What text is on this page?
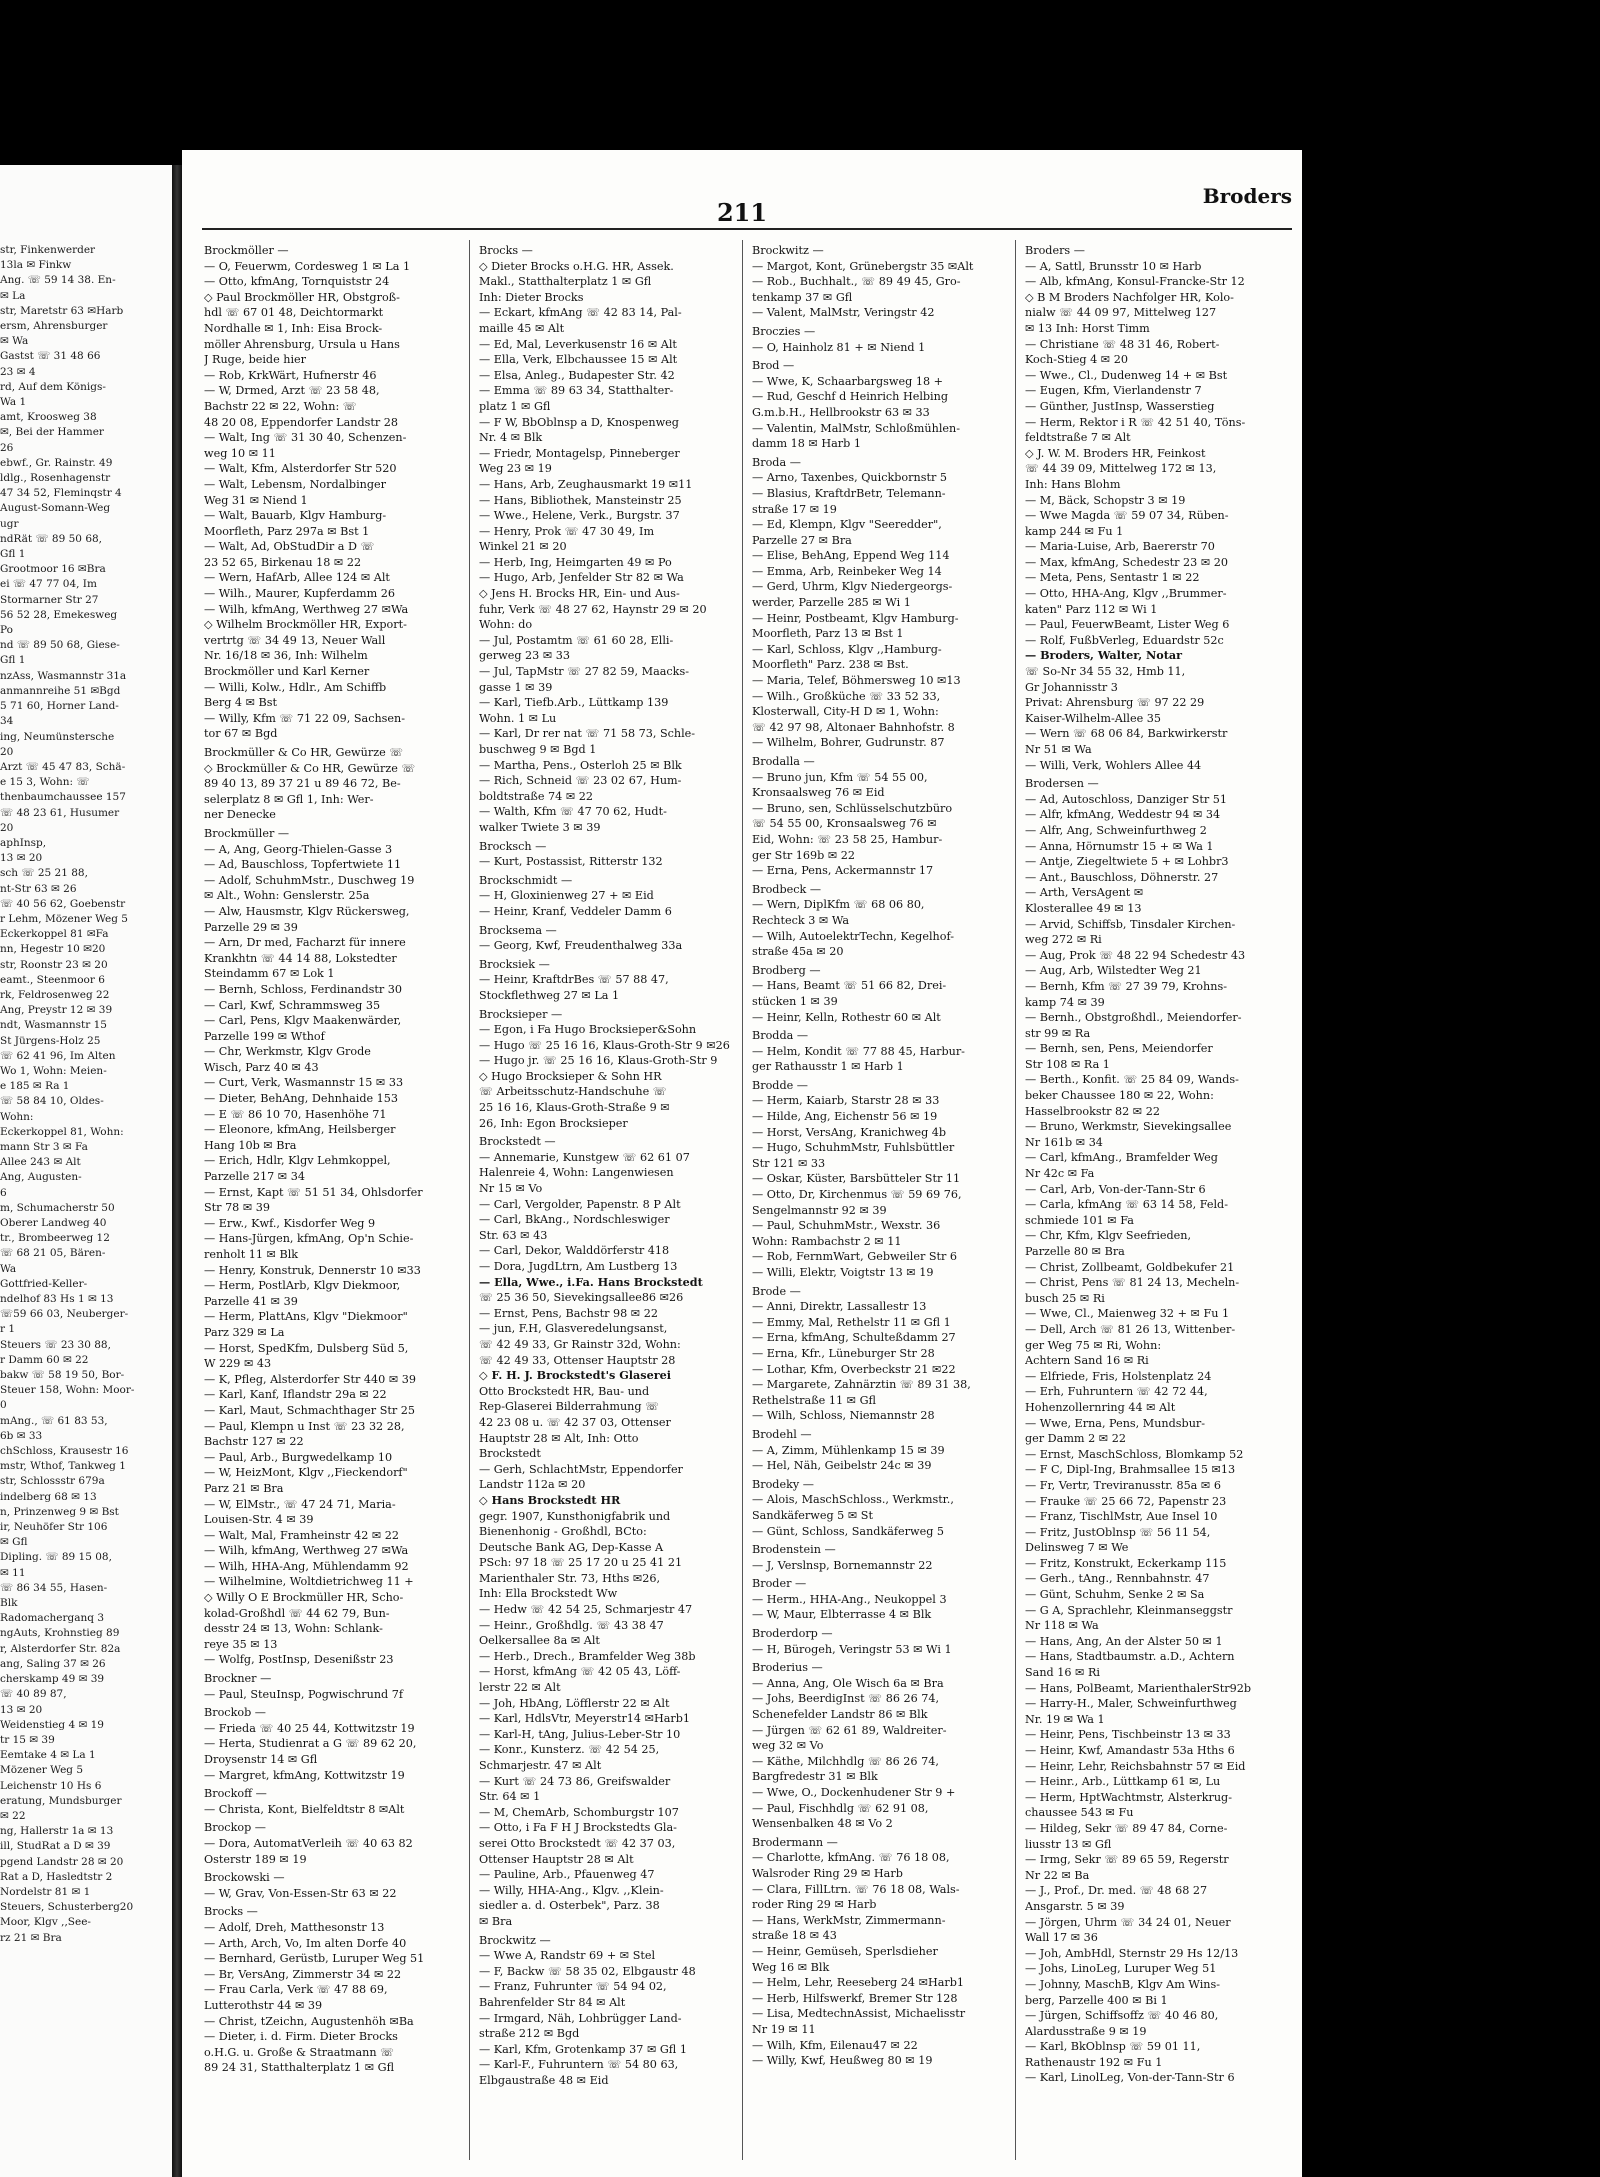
str, Finkenwerder
13la ✉ Finkw
Ang. ☏ 59 14 38. En-
✉ La
str, Maretstr 63 ✉Harb
ersm, Ahrensburger
✉ Wa
Gastst ☏ 31 48 66
23 ✉ 4
rd, Auf dem Königs-
Wa 1
amt, Kroosweg 38
✉, Bei der Hammer
26
ebwf., Gr. Rainstr. 49
ldlg., Rosenhagenstr
47 34 52, Fleminqstr 4
August-Somann-Weg
ugr
ndRät ☏ 89 50 68,
Gfl 1
Grootmoor 16 ✉Bra
ei ☏ 47 77 04, Im
Stormarner Str 27
56 52 28, Emekesweg
Po
nd ☏ 89 50 68, Giese-
Gfl 1
nzAss, Wasmannstr 31a
anmannreihe 51 ✉Bgd
5 71 60, Horner Land-
34
ing, Neumünstersche
20
Arzt ☏ 45 47 83, Schä-
e 15 3, Wohn: ☏
thenbaumchaussee 157
☏ 48 23 61, Husumer
20
aphInsp,
13 ✉ 20
sch ☏ 25 21 88,
nt-Str 63 ✉ 26
☏ 40 56 62, Goebenstr
r Lehm, Mözener Weg 5
Eckerkoppel 81 ✉Fa
nn, Hegestr 10 ✉20
str, Roonstr 23 ✉ 20
eamt., Steenmoor 6
rk, Feldrosenweg 22
Ang, Preystr 12 ✉ 39
ndt, Wasmannstr 15
St Jürgens-Holz 25
☏ 62 41 96, Im Alten
Wo 1, Wohn: Meien-
e 185 ✉ Ra 1
☏ 58 84 10, Oldes-
Wohn:
Eckerkoppel 81, Wohn:
mann Str 3 ✉ Fa
Allee 243 ✉ Alt
Ang, Augusten-
6
m, Schumacherstr 50
Oberer Landweg 40
tr., Brombeerweg 12
☏ 68 21 05, Bären-
Wa
Gottfried-Keller-
ndelhof 83 Hs 1 ✉ 13
☏59 66 03, Neuberger-
r 1
Steuers ☏ 23 30 88,
r Damm 60 ✉ 22
bakw ☏ 58 19 50, Bor-
Steuer 158, Wohn: Moor-
0
mAng., ☏ 61 83 53,
6b ✉ 33
chSchloss, Krausestr 16
mstr, Wthof, Tankweg 1
str, Schlossstr 679a
indelberg 68 ✉ 13
n, Prinzenweg 9 ✉ Bst
ir, Neuhöfer Str 106
✉ Gfl
Dipling. ☏ 89 15 08,
✉ 11
☏ 86 34 55, Hasen-
Blk
Radomacherganq 3
ngAuts, Krohnstieg 89
r, Alsterdorfer Str. 82a
ang, Saling 37 ✉ 26
cherskamp 49 ✉ 39
☏ 40 89 87,
13 ✉ 20
Weidenstieg 4 ✉ 19
tr 15 ✉ 39
Eemtake 4 ✉ La 1
Mözener Weg 5
Leichenstr 10 Hs 6
eratung, Mundsburger
✉ 22
ng, Hallerstr 1a ✉ 13
ill, StudRat a D ✉ 39
pgend Landstr 28 ✉ 20
Rat a D, Hasledtstr 2
Nordelstr 81 ✉ 1
Steuers, Schusterberg20
Moor, Klgv ,,See-
rz 21 ✉ Bra
211
Broders
Brockmöller —
— O, Feuerwm, Cordesweg 1 ✉ La 1
— Otto, kfmAng, Tornquiststr 24
◇ Paul Brockmöller HR, Obstgroß-
hdl ☏ 67 01 48, Deichtormarkt
Nordhalle ✉ 1, Inh: Eisa Brock-
möller Ahrensburg, Ursula u Hans
J Ruge, beide hier
— Rob, KrkWärt, Hufnerstr 46
— W, Drmed, Arzt ☏ 23 58 48,
Bachstr 22 ✉ 22, Wohn: ☏
48 20 08, Eppendorfer Landstr 28
— Walt, Ing ☏ 31 30 40, Schenzen-
weg 10 ✉ 11
— Walt, Kfm, Alsterdorfer Str 520
— Walt, Lebensm, Nordalbinger
Weg 31 ✉ Niend 1
— Walt, Bauarb, Klgv Hamburg-
Moorfleth, Parz 297a ✉ Bst 1
— Walt, Ad, ObStudDir a D ☏
23 52 65, Birkenau 18 ✉ 22
— Wern, HafArb, Allee 124 ✉ Alt
— Wilh., Maurer, Kupferdamm 26
— Wilh, kfmAng, Werthweg 27 ✉Wa
◇ Wilhelm Brockmöller HR, Export-
vertrtg ☏ 34 49 13, Neuer Wall
Nr. 16/18 ✉ 36, Inh: Wilhelm
Brockmöller und Karl Kerner
— Willi, Kolw., Hdlr., Am Schiffb
Berg 4 ✉ Bst
— Willy, Kfm ☏ 71 22 09, Sachsen-
tor 67 ✉ Bgd
Brockmüller & Co HR, Gewürze ☏
◇ Brockmüller & Co HR, Gewürze ☏
89 40 13, 89 37 21 u 89 46 72, Be-
selerplatz 8 ✉ Gfl 1, Inh: Wer-
ner Denecke
Brockmüller —
— A, Ang, Georg-Thielen-Gasse 3
— Ad, Bauschloss, Topfertwiete 11
— Adolf, SchuhmMstr., Duschweg 19
✉ Alt., Wohn: Genslerstr. 25a
— Alw, Hausmstr, Klgv Rückersweg,
Parzelle 29 ✉ 39
— Arn, Dr med, Facharzt für innere
Krankhtn ☏ 44 14 88, Lokstedter
Steindamm 67 ✉ Lok 1
— Bernh, Schloss, Ferdinandstr 30
— Carl, Kwf, Schrammsweg 35
— Carl, Pens, Klgv Maakenwärder,
Parzelle 199 ✉ Wthof
— Chr, Werkmstr, Klgv Grode
Wisch, Parz 40 ✉ 43
— Curt, Verk, Wasmannstr 15 ✉ 33
— Dieter, BehAng, Dehnhaide 153
— E ☏ 86 10 70, Hasenhöhe 71
— Eleonore, kfmAng, Heilsberger
Hang 10b ✉ Bra
— Erich, Hdlr, Klgv Lehmkoppel,
Parzelle 217 ✉ 34
— Ernst, Kapt ☏ 51 51 34, Ohlsdorfer
Str 78 ✉ 39
— Erw., Kwf., Kisdorfer Weg 9
— Hans-Jürgen, kfmAng, Op'n Schie-
renholt 11 ✉ Blk
— Henry, Konstruk, Dennerstr 10 ✉33
— Herm, PostlArb, Klgv Diekmoor,
Parzelle 41 ✉ 39
— Herm, PlattAns, Klgv "Diekmoor"
Parz 329 ✉ La
— Horst, SpedKfm, Dulsberg Süd 5,
W 229 ✉ 43
— K, Pfleg, Alsterdorfer Str 440 ✉ 39
— Karl, Kanf, Iflandstr 29a ✉ 22
— Karl, Maut, Schmachthager Str 25
— Paul, Klempn u Inst ☏ 23 32 28,
Bachstr 127 ✉ 22
— Paul, Arb., Burgwedelkamp 10
— W, HeizMont, Klgv ,,Fieckendorf"
Parz 21 ✉ Bra
— W, ElMstr., ☏ 47 24 71, Maria-
Louisen-Str. 4 ✉ 39
— Walt, Mal, Framheinstr 42 ✉ 22
— Wilh, kfmAng, Werthweg 27 ✉Wa
— Wilh, HHA-Ang, Mühlendamm 92
— Wilhelmine, Woltdietrichweg 11 +
◇ Willy O E Brockmüller HR, Scho-
kolad-Großhdl ☏ 44 62 79, Bun-
desstr 24 ✉ 13, Wohn: Schlank-
reye 35 ✉ 13
— Wolfg, PostInsp, Desenißstr 23
Brockner —
— Paul, SteuInsp, Pogwischrund 7f
Brockob —
— Frieda ☏ 40 25 44, Kottwitzstr 19
— Herta, Studienrat a G ☏ 89 62 20,
Droysenstr 14 ✉ Gfl
— Margret, kfmAng, Kottwitzstr 19
Brockoff —
— Christa, Kont, Bielfeldtstr 8 ✉Alt
Brockop —
— Dora, AutomatVerleih ☏ 40 63 82
Osterstr 189 ✉ 19
Brockowski —
— W, Grav, Von-Essen-Str 63 ✉ 22
Brocks —
— Adolf, Dreh, Matthesonstr 13
— Arth, Arch, Vo, Im alten Dorfe 40
— Bernhard, Gerüstb, Luruper Weg 51
— Br, VersAng, Zimmerstr 34 ✉ 22
— Frau Carla, Verk ☏ 47 88 69,
Lutterothstr 44 ✉ 39
— Christ, tZeichn, Augustenhöh ✉Ba
— Dieter, i. d. Firm. Dieter Brocks
o.H.G. u. Große & Straatmann ☏
89 24 31, Statthalterplatz 1 ✉ Gfl
Brocks —
◇ Dieter Brocks o.H.G. HR, Assek.
Makl., Statthalterplatz 1 ✉ Gfl
Inh: Dieter Brocks
— Eckart, kfmAng ☏ 42 83 14, Pal-
maille 45 ✉ Alt
— Ed, Mal, Leverkusenstr 16 ✉ Alt
— Ella, Verk, Elbchaussee 15 ✉ Alt
— Elsa, Anleg., Budapester Str. 42
— Emma ☏ 89 63 34, Statthalter-
platz 1 ✉ Gfl
— F W, BbOblnsp a D, Knospenweg
Nr. 4 ✉ Blk
— Friedr, Montagelsp, Pinneberger
Weg 23 ✉ 19
— Hans, Arb, Zeughausmarkt 19 ✉11
— Hans, Bibliothek, Mansteinstr 25
— Wwe., Helene, Verk., Burgstr. 37
— Henry, Prok ☏ 47 30 49, Im
Winkel 21 ✉ 20
— Herb, Ing, Heimgarten 49 ✉ Po
— Hugo, Arb, Jenfelder Str 82 ✉ Wa
◇ Jens H. Brocks HR, Ein- und Aus-
fuhr, Verk ☏ 48 27 62, Haynstr 29 ✉ 20
Wohn: do
— Jul, Postamtm ☏ 61 60 28, Elli-
gerweg 23 ✉ 33
— Jul, TapMstr ☏ 27 82 59, Maacks-
gasse 1 ✉ 39
— Karl, Tiefb.Arb., Lüttkamp 139
Wohn. 1 ✉ Lu
— Karl, Dr rer nat ☏ 71 58 73, Schle-
buschweg 9 ✉ Bgd 1
— Martha, Pens., Osterloh 25 ✉ Blk
— Rich, Schneid ☏ 23 02 67, Hum-
boldtstraße 74 ✉ 22
— Walth, Kfm ☏ 47 70 62, Hudt-
walker Twiete 3 ✉ 39
Brocksch —
— Kurt, Postassist, Ritterstr 132
Brockschmidt —
— H, Gloxinienweg 27 + ✉ Eid
— Heinr, Kranf, Veddeler Damm 6
Brocksema —
— Georg, Kwf, Freudenthalweg 33a
Brocksiek —
— Heinr, KraftdrBes ☏ 57 88 47,
Stockflethweg 27 ✉ La 1
Brocksieper —
— Egon, i Fa Hugo Brocksieper&Sohn
— Hugo ☏ 25 16 16, Klaus-Groth-Str 9 ✉26
— Hugo jr. ☏ 25 16 16, Klaus-Groth-Str 9
◇ Hugo Brocksieper & Sohn HR
☏ Arbeitsschutz-Handschuhe ☏
25 16 16, Klaus-Groth-Straße 9 ✉
26, Inh: Egon Brocksieper
Brockstedt —
— Annemarie, Kunstgew ☏ 62 61 07
Halenreie 4, Wohn: Langenwiesen
Nr 15 ✉ Vo
— Carl, Vergolder, Papenstr. 8 P Alt
— Carl, BkAng., Nordschleswiger
Str. 63 ✉ 43
— Carl, Dekor, Walddörferstr 418
— Dora, JugdLtrn, Am Lustberg 13
— Ella, Wwe., i.Fa. Hans Brockstedt
☏ 25 36 50, Sievekingsallee86 ✉26
— Ernst, Pens, Bachstr 98 ✉ 22
— jun, F.H, Glasveredelungsanst,
☏ 42 49 33, Gr Rainstr 32d, Wohn:
☏ 42 49 33, Ottenser Hauptstr 28
◇ F. H. J. Brockstedt's Glaserei
Otto Brockstedt HR, Bau- und
Rep-Glaserei Bilderrahmung ☏
42 23 08 u. ☏ 42 37 03, Ottenser
Hauptstr 28 ✉ Alt, Inh: Otto
Brockstedt
— Gerh, SchlachtMstr, Eppendorfer
Landstr 112a ✉ 20
◇ Hans Brockstedt HR
gegr. 1907, Kunsthonigfabrik und
Bienenhonig - Großhdl, BCto:
Deutsche Bank AG, Dep-Kasse A
PSch: 97 18 ☏ 25 17 20 u 25 41 21
Marienthaler Str. 73, Hths ✉26,
Inh: Ella Brockstedt Ww
— Hedw ☏ 42 54 25, Schmarjestr 47
— Heinr., Großhdlg. ☏ 43 38 47
Oelkersallee 8a ✉ Alt
— Herb., Drech., Bramfelder Weg 38b
— Horst, kfmAng ☏ 42 05 43, Löff-
lerstr 22 ✉ Alt
— Joh, HbAng, Löfflerstr 22 ✉ Alt
— Karl, HdlsVtr, Meyerstr14 ✉Harb1
— Karl-H, tAng, Julius-Leber-Str 10
— Konr., Kunsterz. ☏ 42 54 25,
Schmarjestr. 47 ✉ Alt
— Kurt ☏ 24 73 86, Greifswalder
Str. 64 ✉ 1
— M, ChemArb, Schomburgstr 107
— Otto, i Fa F H J Brockstedts Gla-
serei Otto Brockstedt ☏ 42 37 03,
Ottenser Hauptstr 28 ✉ Alt
— Pauline, Arb., Pfauenweg 47
— Willy, HHA-Ang., Klgv. ,,Klein-
siedler a. d. Osterbek", Parz. 38
✉ Bra
Brockwitz —
— Wwe A, Randstr 69 + ✉ Stel
— F, Backw ☏ 58 35 02, Elbgaustr 48
— Franz, Fuhrunter ☏ 54 94 02,
Bahrenfelder Str 84 ✉ Alt
— Irmgard, Näh, Lohbrügger Land-
straße 212 ✉ Bgd
— Karl, Kfm, Grotenkamp 37 ✉ Gfl 1
— Karl-F., Fuhruntern ☏ 54 80 63,
Elbgaustraße 48 ✉ Eid
Brockwitz —
— Margot, Kont, Grünebergstr 35 ✉Alt
— Rob., Buchhalt., ☏ 89 49 45, Gro-
tenkamp 37 ✉ Gfl
— Valent, MalMstr, Veringstr 42
Broczies —
— O, Hainholz 81 + ✉ Niend 1
Brod —
— Wwe, K, Schaarbargsweg 18 +
— Rud, Geschf d Heinrich Helbing
G.m.b.H., Hellbrookstr 63 ✉ 33
— Valentin, MalMstr, Schloßmühlen-
damm 18 ✉ Harb 1
Broda —
— Arno, Taxenbes, Quickbornstr 5
— Blasius, KraftdrBetr, Telemann-
straße 17 ✉ 19
— Ed, Klempn, Klgv "Seeredder",
Parzelle 27 ✉ Bra
— Elise, BehAng, Eppend Weg 114
— Emma, Arb, Reinbeker Weg 14
— Gerd, Uhrm, Klgv Niedergeorgs-
werder, Parzelle 285 ✉ Wi 1
— Heinr, Postbeamt, Klgv Hamburg-
Moorfleth, Parz 13 ✉ Bst 1
— Karl, Schloss, Klgv ,,Hamburg-
Moorfleth" Parz. 238 ✉ Bst.
— Maria, Telef, Böhmersweg 10 ✉13
— Wilh., Großküche ☏ 33 52 33,
Klosterwall, City-H D ✉ 1, Wohn:
☏ 42 97 98, Altonaer Bahnhofstr. 8
— Wilhelm, Bohrer, Gudrunstr. 87
Brodalla —
— Bruno jun, Kfm ☏ 54 55 00,
Kronsaalsweg 76 ✉ Eid
— Bruno, sen, Schlüsselschutzbüro
☏ 54 55 00, Kronsaalsweg 76 ✉
Eid, Wohn: ☏ 23 58 25, Hambur-
ger Str 169b ✉ 22
— Erna, Pens, Ackermannstr 17
Brodbeck —
— Wern, DiplKfm ☏ 68 06 80,
Rechteck 3 ✉ Wa
— Wilh, AutoelektrTechn, Kegelhof-
straße 45a ✉ 20
Brodberg —
— Hans, Beamt ☏ 51 66 82, Drei-
stücken 1 ✉ 39
— Heinr, Kelln, Rothestr 60 ✉ Alt
Brodda —
— Helm, Kondit ☏ 77 88 45, Harbur-
ger Rathausstr 1 ✉ Harb 1
Brodde —
— Herm, Kaiarb, Starstr 28 ✉ 33
— Hilde, Ang, Eichenstr 56 ✉ 19
— Horst, VersAng, Kranichweg 4b
— Hugo, SchuhmMstr, Fuhlsbüttler
Str 121 ✉ 33
— Oskar, Küster, Barsbütteler Str 11
— Otto, Dr, Kirchenmus ☏ 59 69 76,
Sengelmannstr 92 ✉ 39
— Paul, SchuhmMstr., Wexstr. 36
Wohn: Rambachstr 2 ✉ 11
— Rob, FernmWart, Gebweiler Str 6
— Willi, Elektr, Voigtstr 13 ✉ 19
Brode —
— Anni, Direktr, Lassallestr 13
— Emmy, Mal, Rethelstr 11 ✉ Gfl 1
— Erna, kfmAng, Schulteßdamm 27
— Erna, Kfr., Lüneburger Str 28
— Lothar, Kfm, Overbeckstr 21 ✉22
— Margarete, Zahnärztin ☏ 89 31 38,
Rethelstraße 11 ✉ Gfl
— Wilh, Schloss, Niemannstr 28
Brodehl —
— A, Zimm, Mühlenkamp 15 ✉ 39
— Hel, Näh, Geibelstr 24c ✉ 39
Brodeky —
— Alois, MaschSchloss., Werkmstr.,
Sandkäferweg 5 ✉ St
— Günt, Schloss, Sandkäferweg 5
Brodenstein —
— J, Verslnsp, Bornemannstr 22
Broder —
— Herm., HHA-Ang., Neukoppel 3
— W, Maur, Elbterrasse 4 ✉ Blk
Broderdorp —
— H, Bürogeh, Veringstr 53 ✉ Wi 1
Broderius —
— Anna, Ang, Ole Wisch 6a ✉ Bra
— Johs, BeerdigInst ☏ 86 26 74,
Schenefelder Landstr 86 ✉ Blk
— Jürgen ☏ 62 61 89, Waldreiter-
weg 32 ✉ Vo
— Käthe, Milchhdlg ☏ 86 26 74,
Bargfredestr 31 ✉ Blk
— Wwe, O., Dockenhudener Str 9 +
— Paul, Fischhdlg ☏ 62 91 08,
Wensenbalken 48 ✉ Vo 2
Brodermann —
— Charlotte, kfmAng. ☏ 76 18 08,
Walsroder Ring 29 ✉ Harb
— Clara, FillLtrn. ☏ 76 18 08, Wals-
roder Ring 29 ✉ Harb
— Hans, WerkMstr, Zimmermann-
straße 18 ✉ 43
— Heinr, Gemüseh, Sperlsdieher
Weg 16 ✉ Blk
— Helm, Lehr, Reeseberg 24 ✉Harb1
— Herb, Hilfswerkf, Bremer Str 128
— Lisa, MedtechnAssist, Michaelisstr
Nr 19 ✉ 11
— Wilh, Kfm, Eilenau47 ✉ 22
— Willy, Kwf, Heußweg 80 ✉ 19
Broders —
— A, Sattl, Brunsstr 10 ✉ Harb
— Alb, kfmAng, Konsul-Francke-Str 12
◇ B M Broders Nachfolger HR, Kolo-
nialw ☏ 44 09 97, Mittelweg 127
✉ 13 Inh: Horst Timm
— Christiane ☏ 48 31 46, Robert-
Koch-Stieg 4 ✉ 20
— Wwe., Cl., Dudenweg 14 + ✉ Bst
— Eugen, Kfm, Vierlandenstr 7
— Günther, JustInsp, Wasserstieg
— Herm, Rektor i R ☏ 42 51 40, Töns-
feldtstraße 7 ✉ Alt
◇ J. W. M. Broders HR, Feinkost
☏ 44 39 09, Mittelweg 172 ✉ 13,
Inh: Hans Blohm
— M, Bäck, Schopstr 3 ✉ 19
— Wwe Magda ☏ 59 07 34, Rüben-
kamp 244 ✉ Fu 1
— Maria-Luise, Arb, Baererstr 70
— Max, kfmAng, Schedestr 23 ✉ 20
— Meta, Pens, Sentastr 1 ✉ 22
— Otto, HHA-Ang, Klgv ,,Brummer-
katen" Parz 112 ✉ Wi 1
— Paul, FeuerwBeamt, Lister Weg 6
— Rolf, FußbVerleg, Eduardstr 52c
— Broders, Walter, Notar
☏ So-Nr 34 55 32, Hmb 11,
Gr Johannisstr 3
Privat: Ahrensburg ☏ 97 22 29
Kaiser-Wilhelm-Allee 35
— Wern ☏ 68 06 84, Barkwirkerstr
Nr 51 ✉ Wa
— Willi, Verk, Wohlers Allee 44
Brodersen —
— Ad, Autoschloss, Danziger Str 51
— Alfr, kfmAng, Weddestr 94 ✉ 34
— Alfr, Ang, Schweinfurthweg 2
— Anna, Hörnumstr 15 + ✉ Wa 1
— Antje, Ziegeltwiete 5 + ✉ Lohbr3
— Ant., Bauschloss, Döhnerstr. 27
— Arth, VersAgent ✉
Klosterallee 49 ✉ 13
— Arvid, Schiffsb, Tinsdaler Kirchen-
weg 272 ✉ Ri
— Aug, Prok ☏ 48 22 94 Schedestr 43
— Aug, Arb, Wilstedter Weg 21
— Bernh, Kfm ☏ 27 39 79, Krohns-
kamp 74 ✉ 39
— Bernh., Obstgroßhdl., Meiendorfer-
str 99 ✉ Ra
— Bernh, sen, Pens, Meiendorfer
Str 108 ✉ Ra 1
— Berth., Konfit. ☏ 25 84 09, Wands-
beker Chaussee 180 ✉ 22, Wohn:
Hasselbrookstr 82 ✉ 22
— Bruno, Werkmstr, Sievekingsallee
Nr 161b ✉ 34
— Carl, kfmAng., Bramfelder Weg
Nr 42c ✉ Fa
— Carl, Arb, Von-der-Tann-Str 6
— Carla, kfmAng ☏ 63 14 58, Feld-
schmiede 101 ✉ Fa
— Chr, Kfm, Klgv Seefrieden,
Parzelle 80 ✉ Bra
— Christ, Zollbeamt, Goldbekufer 21
— Christ, Pens ☏ 81 24 13, Mecheln-
busch 25 ✉ Ri
— Wwe, Cl., Maienweg 32 + ✉ Fu 1
— Dell, Arch ☏ 81 26 13, Wittenber-
ger Weg 75 ✉ Ri, Wohn:
Achtern Sand 16 ✉ Ri
— Elfriede, Fris, Holstenplatz 24
— Erh, Fuhruntern ☏ 42 72 44,
Hohenzollernring 44 ✉ Alt
— Wwe, Erna, Pens, Mundsbur-
ger Damm 2 ✉ 22
— Ernst, MaschSchloss, Blomkamp 52
— F C, Dipl-Ing, Brahmsallee 15 ✉13
— Fr, Vertr, Treviranusstr. 85a ✉ 6
— Frauke ☏ 25 66 72, Papenstr 23
— Franz, TischlMstr, Aue Insel 10
— Fritz, JustOblnsp ☏ 56 11 54,
Delinsweg 7 ✉ We
— Fritz, Konstrukt, Eckerkamp 115
— Gerh., tAng., Rennbahnstr. 47
— Günt, Schuhm, Senke 2 ✉ Sa
— G A, Sprachlehr, Kleinmanseggstr
Nr 118 ✉ Wa
— Hans, Ang, An der Alster 50 ✉ 1
— Hans, Stadtbaumstr. a.D., Achtern
Sand 16 ✉ Ri
— Hans, PolBeamt, MarienthalerStr92b
— Harry-H., Maler, Schweinfurthweg
Nr. 19 ✉ Wa 1
— Heinr, Pens, Tischbeinstr 13 ✉ 33
— Heinr, Kwf, Amandastr 53a Hths 6
— Heinr, Lehr, Reichsbahnstr 57 ✉ Eid
— Heinr., Arb., Lüttkamp 61 ✉, Lu
— Herm, HptWachtmstr, Alsterkrug-
chaussee 543 ✉ Fu
— Hildeg, Sekr ☏ 89 47 84, Corne-
liusstr 13 ✉ Gfl
— Irmg, Sekr ☏ 89 65 59, Regerstr
Nr 22 ✉ Ba
— J., Prof., Dr. med. ☏ 48 68 27
Ansgarstr. 5 ✉ 39
— Jörgen, Uhrm ☏ 34 24 01, Neuer
Wall 17 ✉ 36
— Joh, AmbHdl, Sternstr 29 Hs 12/13
— Johs, LinoLeg, Luruper Weg 51
— Johnny, MaschB, Klgv Am Wins-
berg, Parzelle 400 ✉ Bi 1
— Jürgen, Schiffsoffz ☏ 40 46 80,
Alardusstraße 9 ✉ 19
— Karl, BkOblnsp ☏ 59 01 11,
Rathenaustr 192 ✉ Fu 1
— Karl, LinolLeg, Von-der-Tann-Str 6
